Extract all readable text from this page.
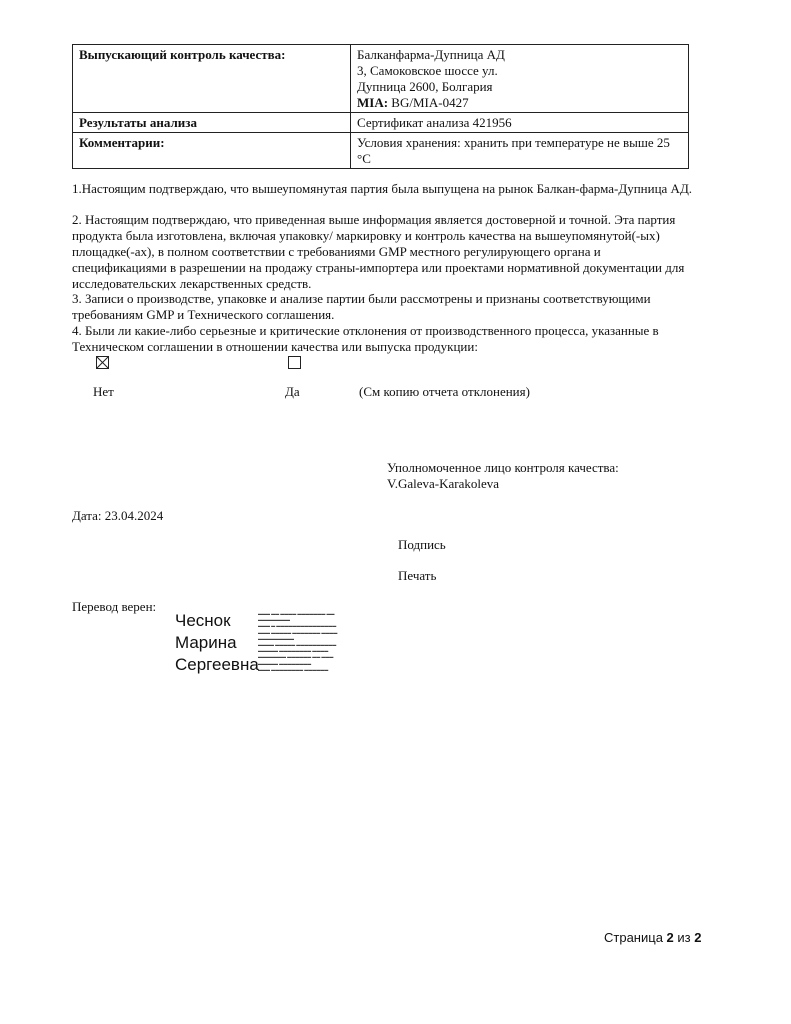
Выпускающий контроль качества:	Балканфарма-Дупница АД
3, Самоковское шоссе ул.
Дупница 2600, Болгария
MIA: BG/MIA-0427

Результаты анализа	Сертификат анализа 421956
Комментарии:	Условия хранения: хранить при температуре не выше 25 °C

1.Настоящим подтверждаю, что вышеупомянутая партия была выпущена на рынок Балкан-фарма-Дупница АД.

2. Настоящим подтверждаю, что приведенная выше информация является достоверной и точной. Эта партия продукта была изготовлена, включая упаковку/ маркировку и контроль качества на вышеупомянутой(-ых) площадке(-ах), в полном соответствии с требованиями GMP местного регулирующего органа и спецификациями в разрешении на продажу страны-импортера или проектами нормативной документации для исследовательских лекарственных средств.

3. Записи о производстве, упаковке и анализе партии были рассмотрены и признаны соответствующими требованиям GMP и Технического соглашения.

4. Были ли какие-либо серьезные и критические отклонения от производственного процесса, указанные в Техническом соглашении в отношении качества или выпуска продукции:

Нет	Да	(См копию отчета отклонения)
Уполномоченное лицо контроля качества:
V.Galeva-Karakoleva
Дата: 23.04.2024
Подпись
Печать
Перевод верен:
Чеснок
Марина
Сергеевна
▬▬▬ ▬▬ ▬▬▬▬ ▬▬▬▬▬▬▬ ▬▬
▬▬▬▬▬▬▬▬
▬▬▬ ▬ ▬▬▬▬▬▬▬▬▬▬▬▬▬▬▬
▬▬▬ ▬▬▬▬▬ ▬▬▬▬▬▬▬ ▬▬▬▬
▬▬▬▬▬▬▬▬▬
▬▬▬▬ ▬▬▬▬▬ ▬▬▬▬▬▬▬▬▬▬
▬▬▬▬▬ ▬▬▬▬▬▬▬▬ ▬▬▬▬
▬▬▬▬▬▬▬ ▬▬▬▬▬▬ ▬▬ ▬▬▬
▬▬▬▬▬ ▬▬▬▬▬▬▬▬
▬▬▬ ▬▬▬▬▬▬▬▬ ▬▬▬▬▬▬
Страница 2 из 2
